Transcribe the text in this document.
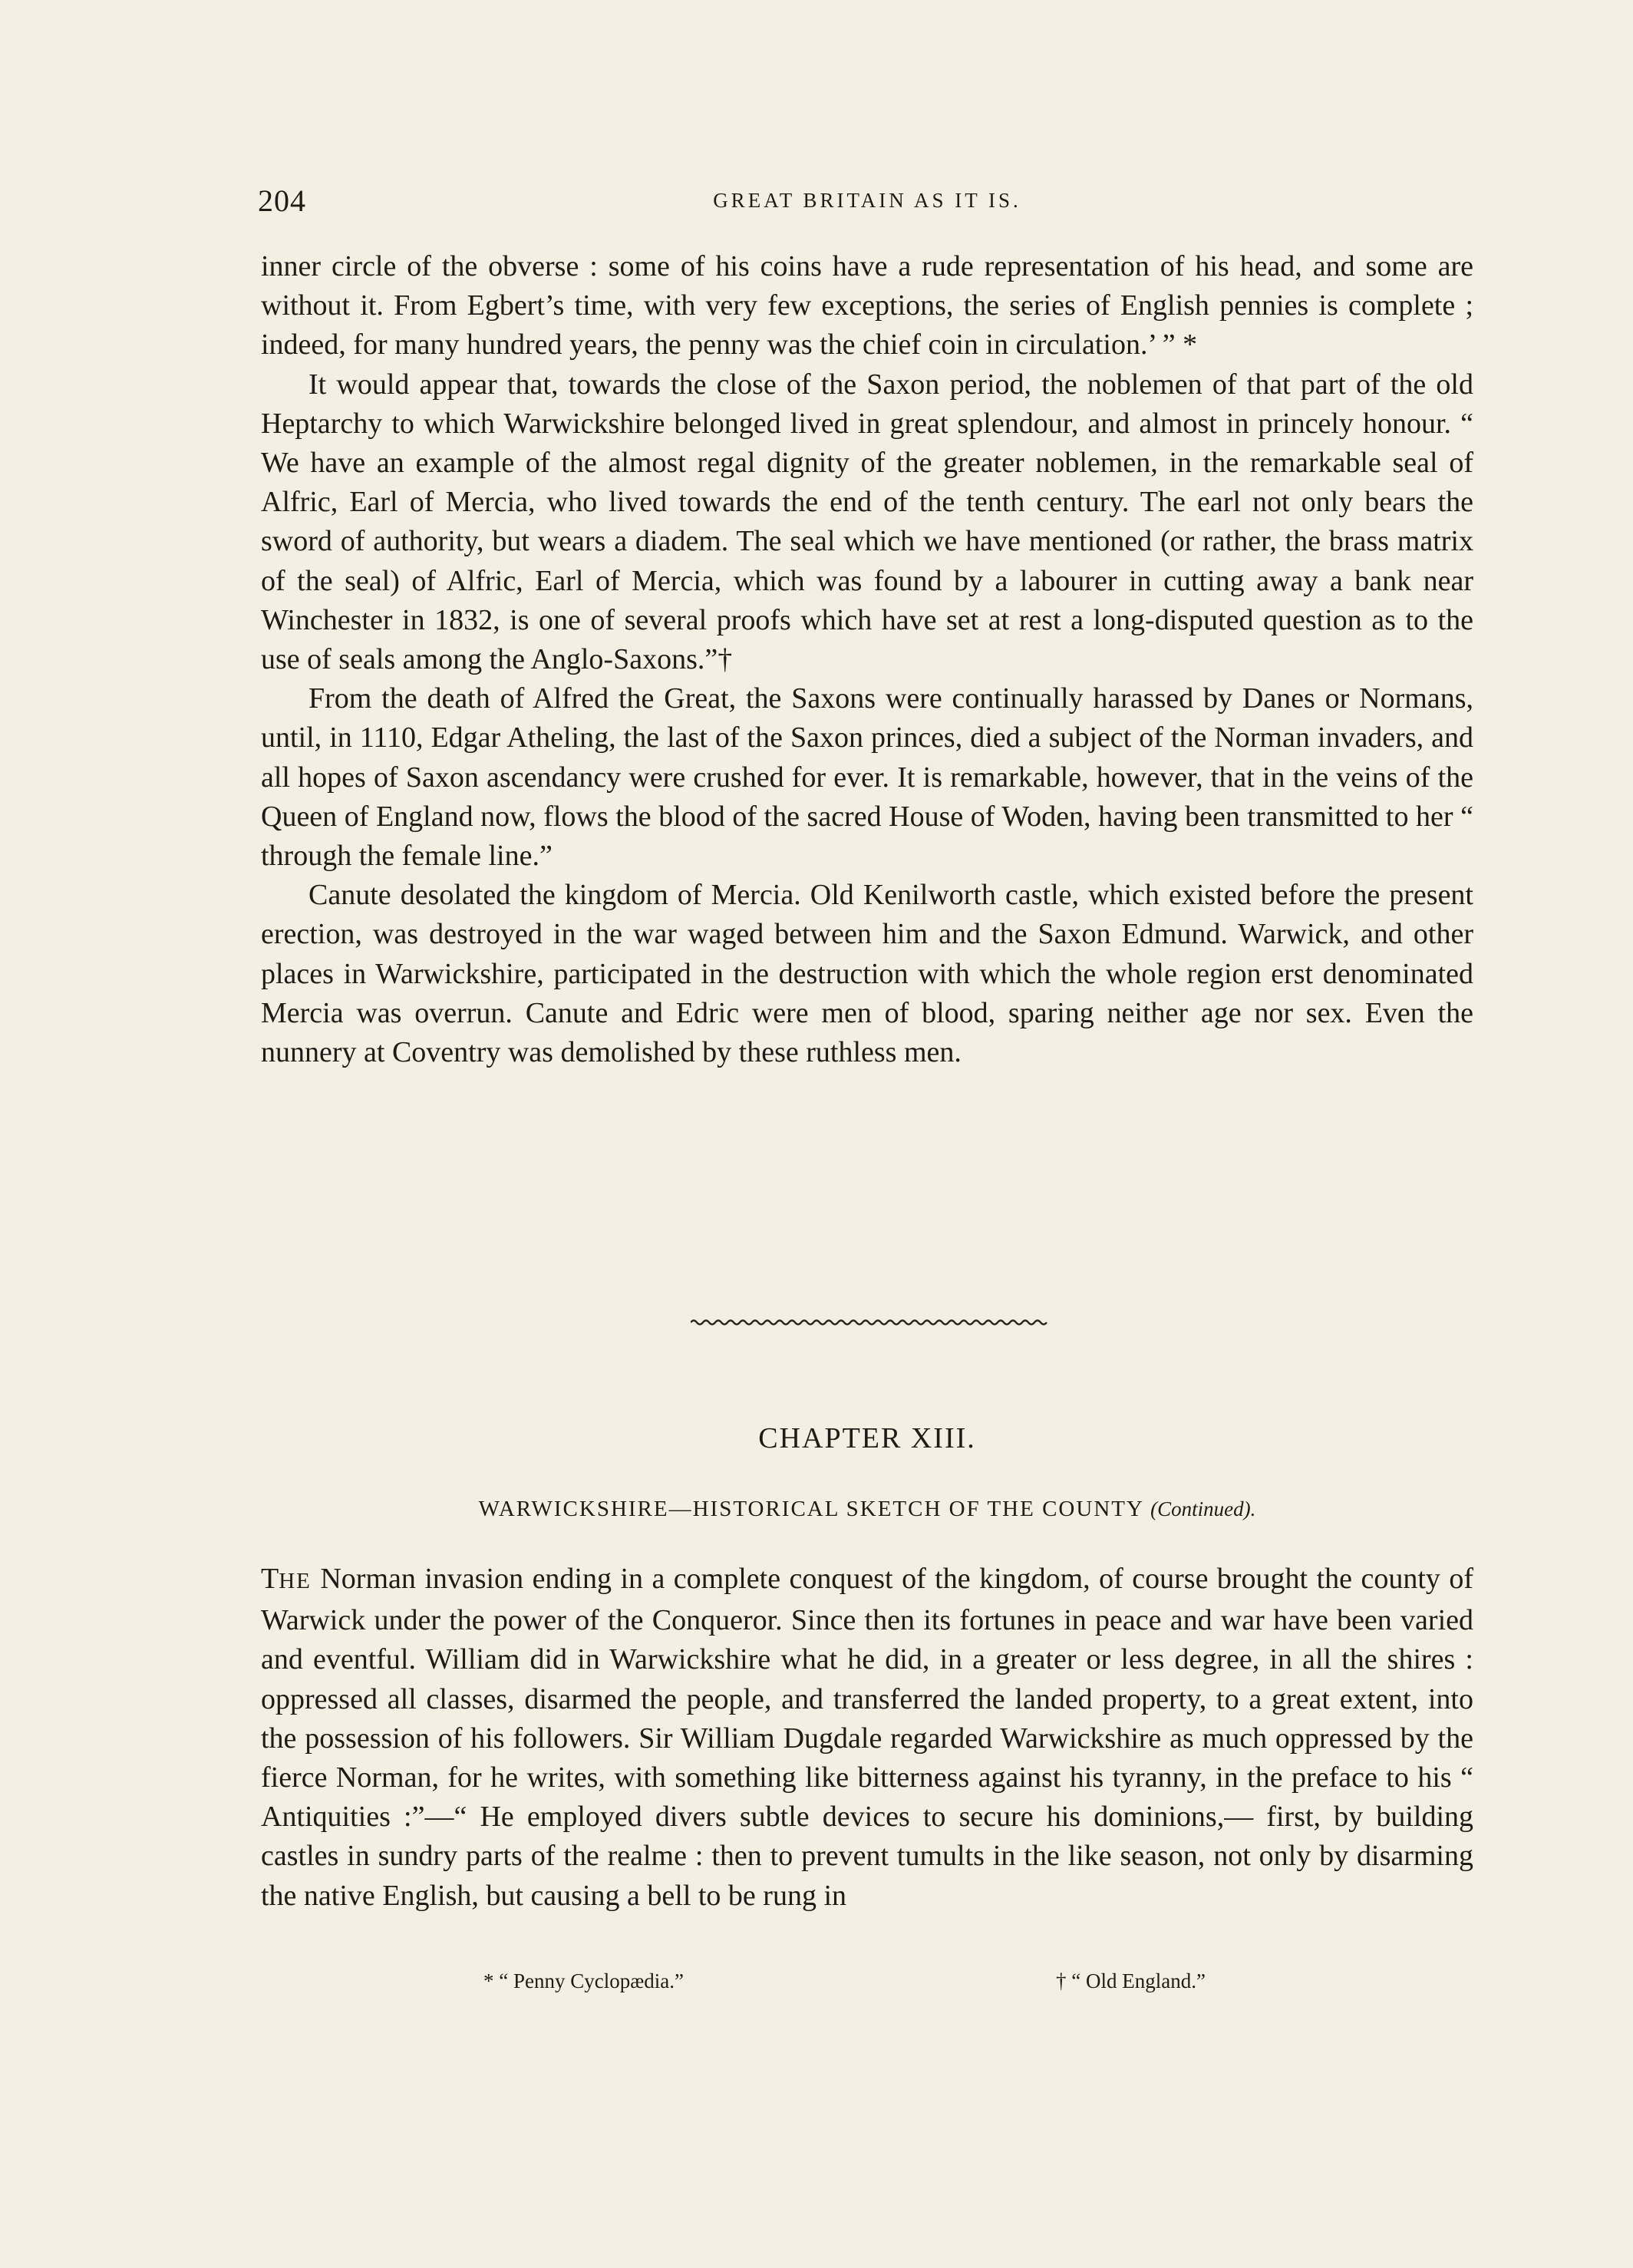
204	GREAT BRITAIN AS IT IS.

inner circle of the obverse : some of his coins have a rude representation of his head, and some are without it. From Egbert’s time, with very few exceptions, the series of English pennies is complete ; indeed, for many hundred years, the penny was the chief coin in circulation.’ ” *

It would appear that, towards the close of the Saxon period, the noblemen of that part of the old Heptarchy to which Warwickshire belonged lived in great splendour, and almost in princely honour. “ We have an example of the almost regal dignity of the greater noblemen, in the remarkable seal of Alfric, Earl of Mercia, who lived towards the end of the tenth century. The earl not only bears the sword of authority, but wears a diadem. The seal which we have mentioned (or rather, the brass matrix of the seal) of Alfric, Earl of Mercia, which was found by a labourer in cutting away a bank near Winchester in 1832, is one of several proofs which have set at rest a long-disputed question as to the use of seals among the Anglo-Saxons.”†

From the death of Alfred the Great, the Saxons were continually harassed by Danes or Normans, until, in 1110, Edgar Atheling, the last of the Saxon princes, died a subject of the Norman invaders, and all hopes of Saxon ascendancy were crushed for ever. It is remarkable, however, that in the veins of the Queen of England now, flows the blood of the sacred House of Woden, having been transmitted to her “ through the female line.”

Canute desolated the kingdom of Mercia. Old Kenilworth castle, which existed before the present erection, was destroyed in the war waged between him and the Saxon Edmund. Warwick, and other places in Warwickshire, participated in the destruction with which the whole region erst denominated Mercia was overrun. Canute and Edric were men of blood, sparing neither age nor sex. Even the nunnery at Coventry was demolished by these ruthless men.

CHAPTER XIII.
WARWICKSHIRE—HISTORICAL SKETCH OF THE COUNTY (Continued).

THE Norman invasion ending in a complete conquest of the kingdom, of course brought the county of Warwick under the power of the Conqueror. Since then its fortunes in peace and war have been varied and eventful. William did in Warwickshire what he did, in a greater or less degree, in all the shires : oppressed all classes, disarmed the people, and transferred the landed property, to a great extent, into the possession of his followers. Sir William Dugdale regarded Warwickshire as much oppressed by the fierce Norman, for he writes, with something like bitterness against his tyranny, in the preface to his “ Antiquities :”—“ He employed divers subtle devices to secure his dominions,— first, by building castles in sundry parts of the realme : then to prevent tumults in the like season, not only by disarming the native English, but causing a bell to be rung in

* “ Penny Cyclopædia.”	† “ Old England.”
